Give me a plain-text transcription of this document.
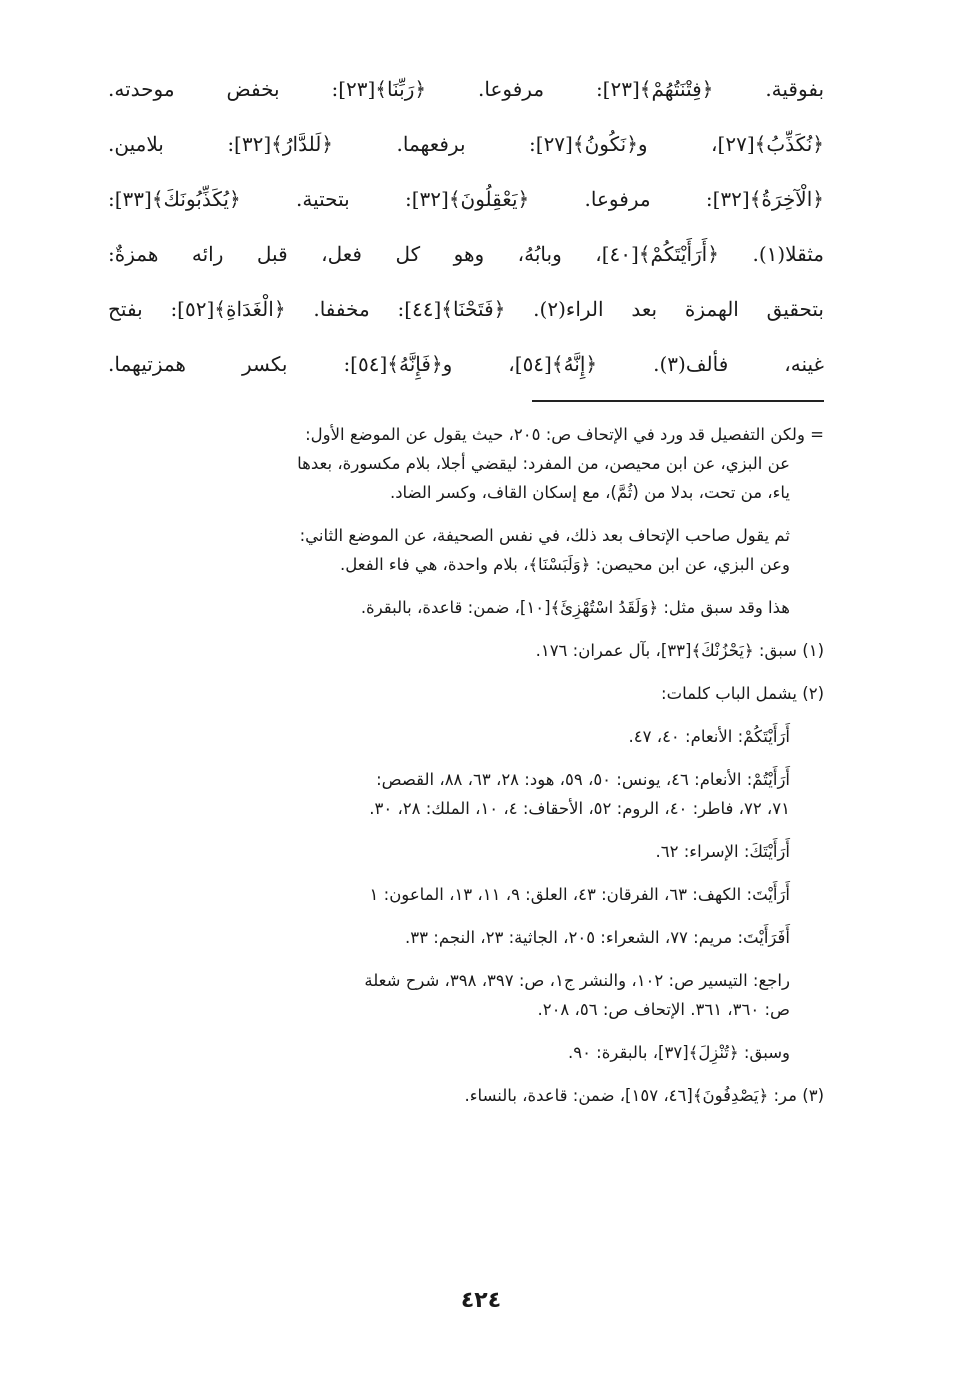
بفوقية. ﴿فِتْنَتُهُمْ﴾[٢٣]: مرفوعا. ﴿رَبِّنَا﴾[٢٣]: بخفض موحدته.
﴿نُكَذِّبُ﴾[٢٧]، و﴿نَكُونُ﴾[٢٧]: برفعهما. ﴿لَلدَّارُ﴾[٣٢]: بلامين.
﴿الْآخِرَةُ﴾[٣٢]: مرفوعا. ﴿يَعْقِلُونَ﴾[٣٢]: بتحتية. ﴿يُكَذِّبُونَكَ﴾[٣٣]:
مثقلا(١). ﴿أَرَأَيْتَكُمْ﴾[٤٠]، وبابُهُ، وهو كل فعل، قبل رائه همزةٌ:
بتحقيق الهمزة بعد الراء(٢). ﴿فَتَحْنَا﴾[٤٤]: مخففا. ﴿الْغَدَاةِ﴾[٥٢]: بفتح
غينه، فألف(٣). ﴿إِنَّهُ﴾[٥٤]، و﴿فَإِنَّهُ﴾[٥٤]: بكسر همزتيهما.
= ولكن التفصيل قد ورد في الإتحاف ص: ٢٠٥، حيث يقول عن الموضع الأول:
عن البزي، عن ابن محيصن، من المفرد: ليقضي أجلا، بلام مكسورة، بعدها
ياء، من تحت، بدلا من (ثُمَّ)، مع إسكان القاف، وكسر الضاد.
ثم يقول صاحب الإتحاف بعد ذلك، في نفس الصحيفة، عن الموضع الثاني:
وعن البزي، عن ابن محيصن: ﴿وَلَبَسْنَا﴾، بلام واحدة، هي فاء الفعل.
هذا وقد سبق مثل: ﴿وَلَقَدُ اسْتُهْزِئَ﴾[١٠]، ضمن: قاعدة، بالبقرة.
(١) سبق: ﴿يَحْزُنْكَ﴾[٣٣]، بآل عمران: ١٧٦.
(٢) يشمل الباب كلمات:
أَرَأَيْتَكُمْ: الأنعام: ٤٠، ٤٧.
أَرَأَيْتُمْ: الأنعام: ٤٦، يونس: ٥٠، ٥٩، هود: ٢٨، ٦٣، ٨٨، القصص:
٧١، ٧٢، فاطر: ٤٠، الروم: ٥٢، الأحقاف: ٤، ١٠، الملك: ٢٨، ٣٠.
أَرَأَيْتَكَ: الإسراء: ٦٢.
أَرَأَيْتَ: الكهف: ٦٣، الفرقان: ٤٣، العلق: ٩، ١١، ١٣، الماعون: ١
أَفَرَأَيْتَ: مريم: ٧٧، الشعراء: ٢٠٥، الجاثية: ٢٣، النجم: ٣٣.
راجع: التيسير ص: ١٠٢، والنشر ج١، ص: ٣٩٧، ٣٩٨، شرح شعلة
ص: ٣٦٠، ٣٦١. الإتحاف ص: ٥٦، ٢٠٨.
وسبق: ﴿تُنْزِلَ﴾[٣٧]، بالبقرة: ٩٠.
(٣) مر: ﴿يَصْدِفُونَ﴾[٤٦، ١٥٧]، ضمن: قاعدة، بالنساء.
٤٢٤
